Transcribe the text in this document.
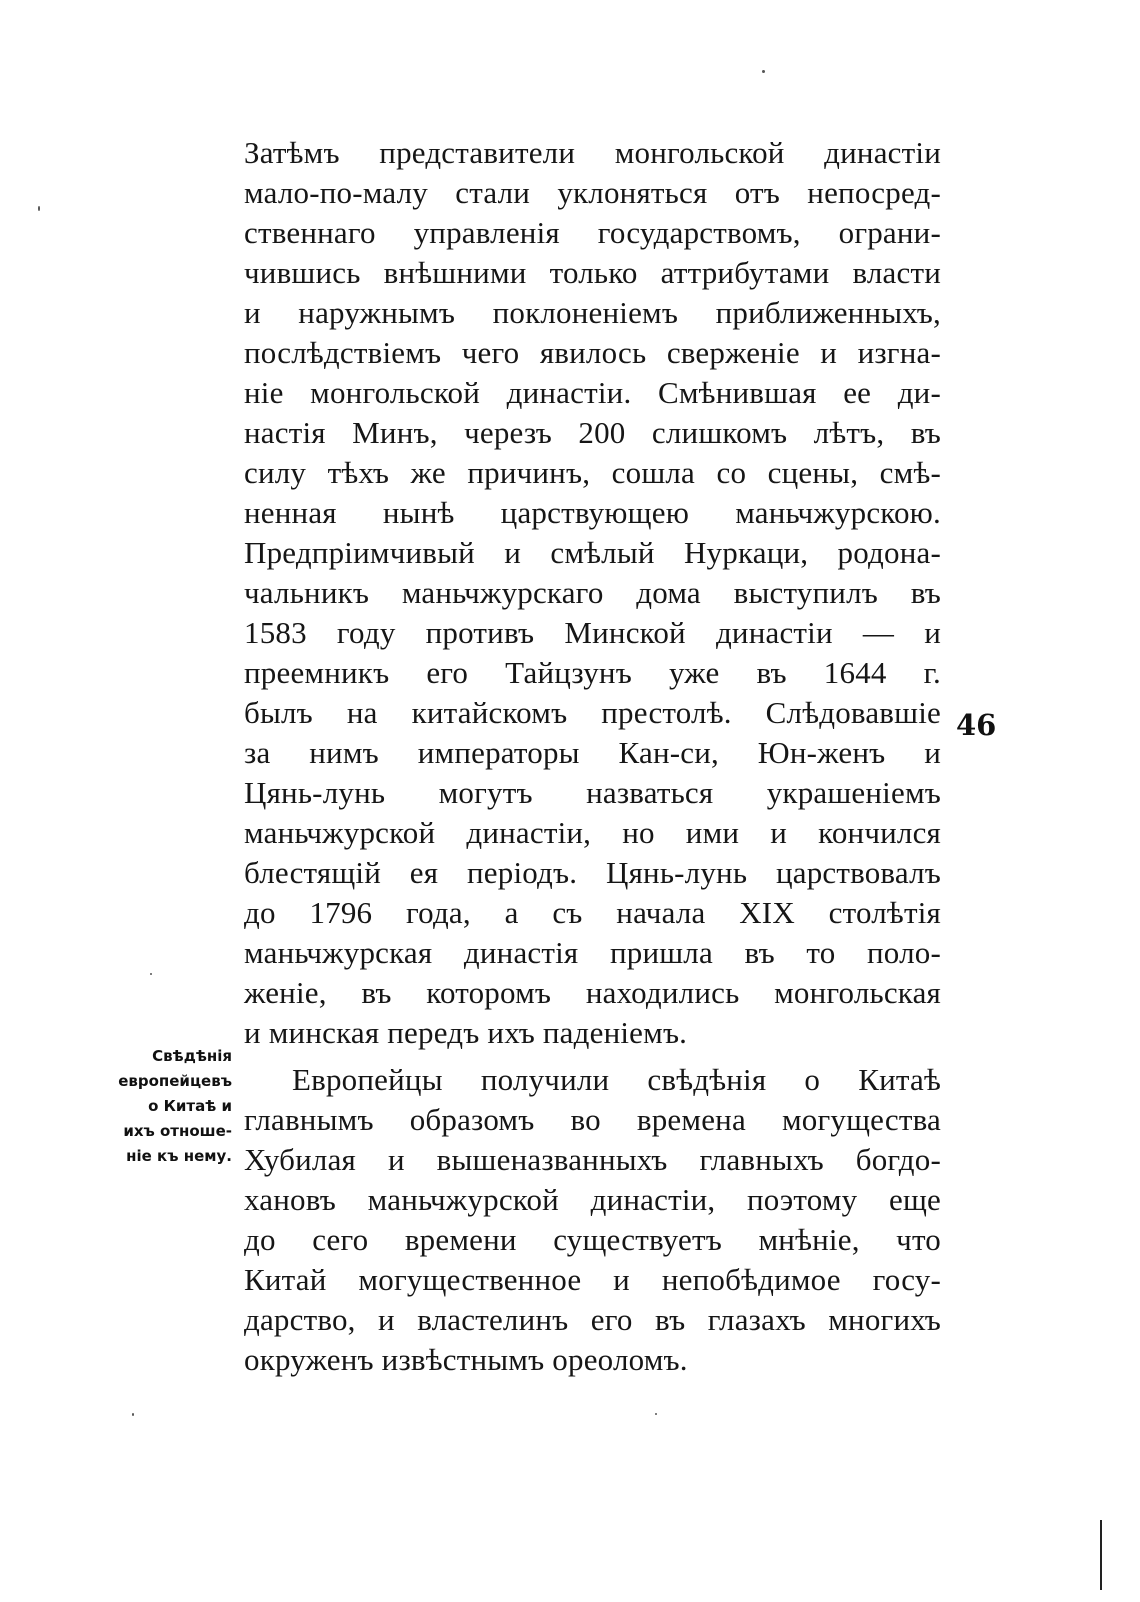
Затѣмъ представители монгольской династіи
мало-по-малу стали уклоняться отъ непосред-
ственнаго управленія государствомъ, ограни-
чившись внѣшними только аттрибутами власти
и наружнымъ поклоненіемъ приближенныхъ,
послѣдствіемъ чего явилось сверженіе и изгна-
ніе монгольской династіи. Смѣнившая ее ди-
настія Минъ, черезъ 200 слишкомъ лѣтъ, въ
силу тѣхъ же причинъ, сошла со сцены, смѣ-
ненная нынѣ царствующею маньчжурскою.
Предпріимчивый и смѣлый Нуркаци, родона-
чальникъ маньчжурскаго дома выступилъ въ
1583 году противъ Минской династіи — и
преемникъ его Тайцзунъ уже въ 1644 г.
былъ на китайскомъ престолѣ. Слѣдовавшіе
за нимъ императоры Кан-си, Юн-женъ и
Цянь-лунь могутъ назваться украшеніемъ
маньчжурской династіи, но ими и кончился
блестящій ея періодъ. Цянь-лунь царствовалъ
до 1796 года, а съ начала XIX столѣтія
маньчжурская династія пришла въ то поло-
женіе, въ которомъ находились монгольская
и минская передъ ихъ паденіемъ.
46
Свѣдѣнія
европейцевъ
о Китаѣ и
ихъ отноше-
ніе къ нему.
Европейцы получили свѣдѣнія о Китаѣ
главнымъ образомъ во времена могущества
Хубилая и вышеназванныхъ главныхъ богдо-
хановъ маньчжурской династіи, поэтому еще
до сего времени существуетъ мнѣніе, что
Китай могущественное и непобѣдимое госу-
дарство, и властелинъ его въ глазахъ многихъ
окруженъ извѣстнымъ ореоломъ.
